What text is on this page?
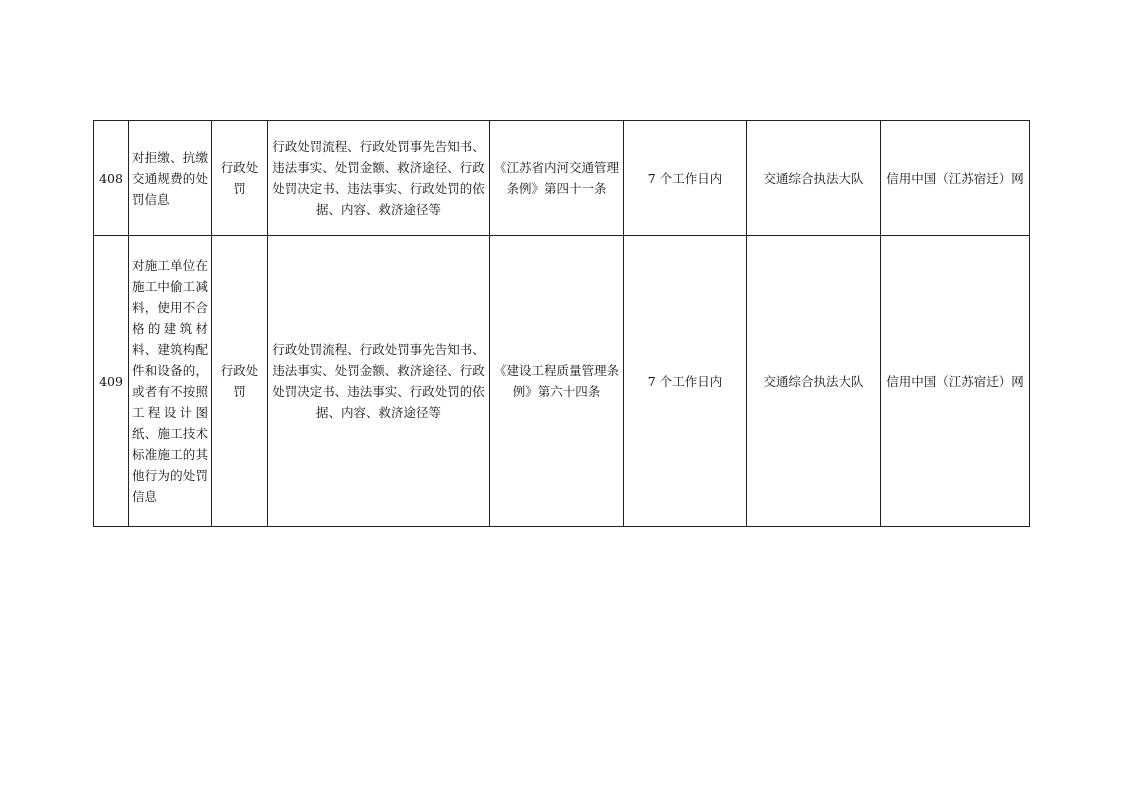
408	对拒缴、抗缴交通规费的处罚信息	行政处罚	行政处罚流程、行政处罚事先告知书、违法事实、处罚金额、救济途径、行政处罚决定书、违法事实、行政处罚的依据、内容、救济途径等	《江苏省内河交通管理条例》第四十一条	7 个工作日内	交通综合执法大队	信用中国（江苏宿迁）网
409	对施工单位在施工中偷工减料，使用不合格的建筑材料、建筑构配件和设备的，或者有不按照工程设计图纸、施工技术标准施工的其他行为的处罚信息	行政处罚	行政处罚流程、行政处罚事先告知书、违法事实、处罚金额、救济途径、行政处罚决定书、违法事实、行政处罚的依据、内容、救济途径等	《建设工程质量管理条例》第六十四条	7 个工作日内	交通综合执法大队	信用中国（江苏宿迁）网
